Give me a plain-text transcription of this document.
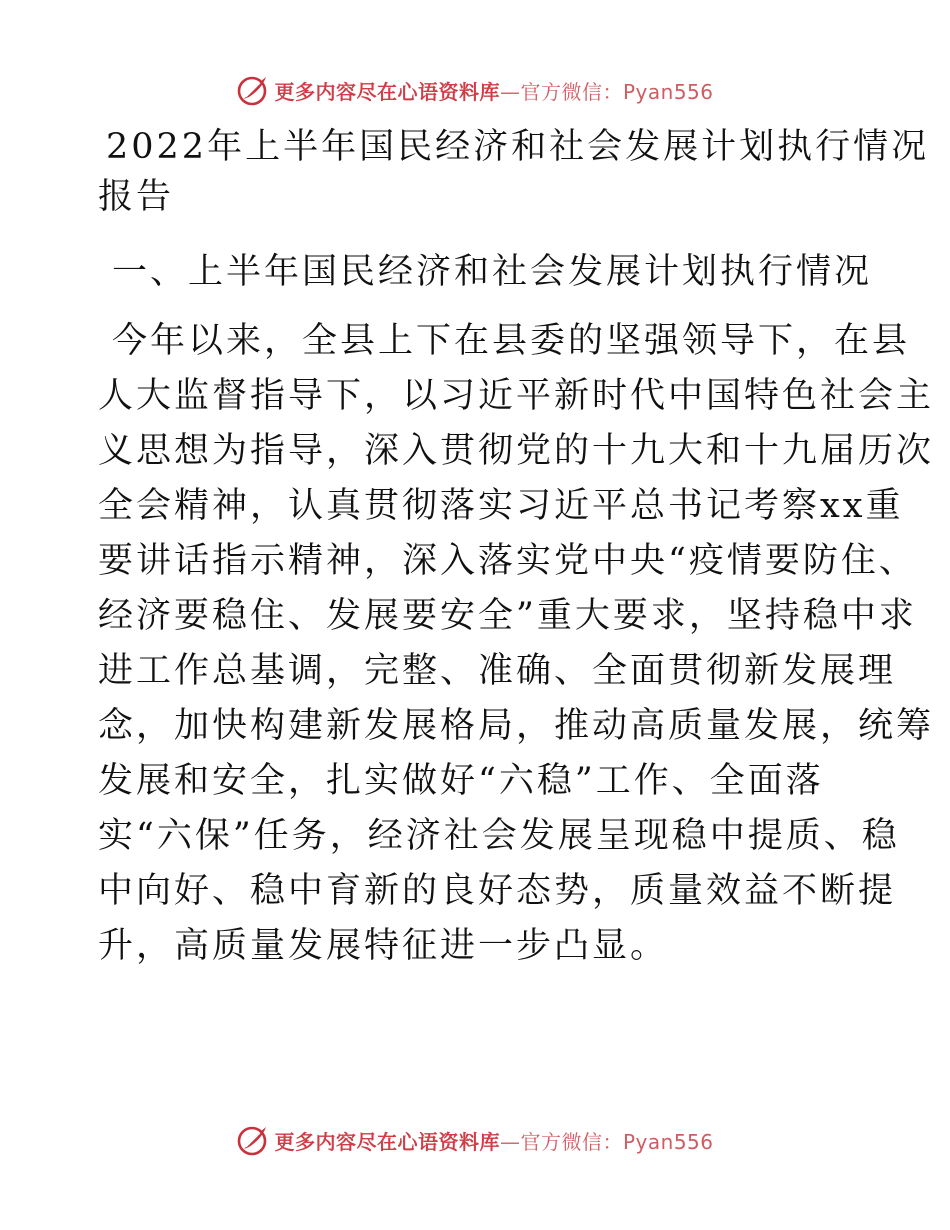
更多内容尽在心语资料库—官方微信：Pyan556
2022年上半年国民经济和社会发展计划执行情况
报告
一、上半年国民经济和社会发展计划执行情况

今年以来，全县上下在县委的坚强领导下，在县
人大监督指导下，以习近平新时代中国特色社会主
义思想为指导，深入贯彻党的十九大和十九届历次
全会精神，认真贯彻落实习近平总书记考察xx重
要讲话指示精神，深入落实党中央“疫情要防住、
经济要稳住、发展要安全”重大要求，坚持稳中求
进工作总基调，完整、准确、全面贯彻新发展理
念，加快构建新发展格局，推动高质量发展，统筹
发展和安全，扎实做好“六稳”工作、全面落
实“六保”任务，经济社会发展呈现稳中提质、稳
中向好、稳中育新的良好态势，质量效益不断提
升，高质量发展特征进一步凸显。

更多内容尽在心语资料库—官方微信：Pyan556
